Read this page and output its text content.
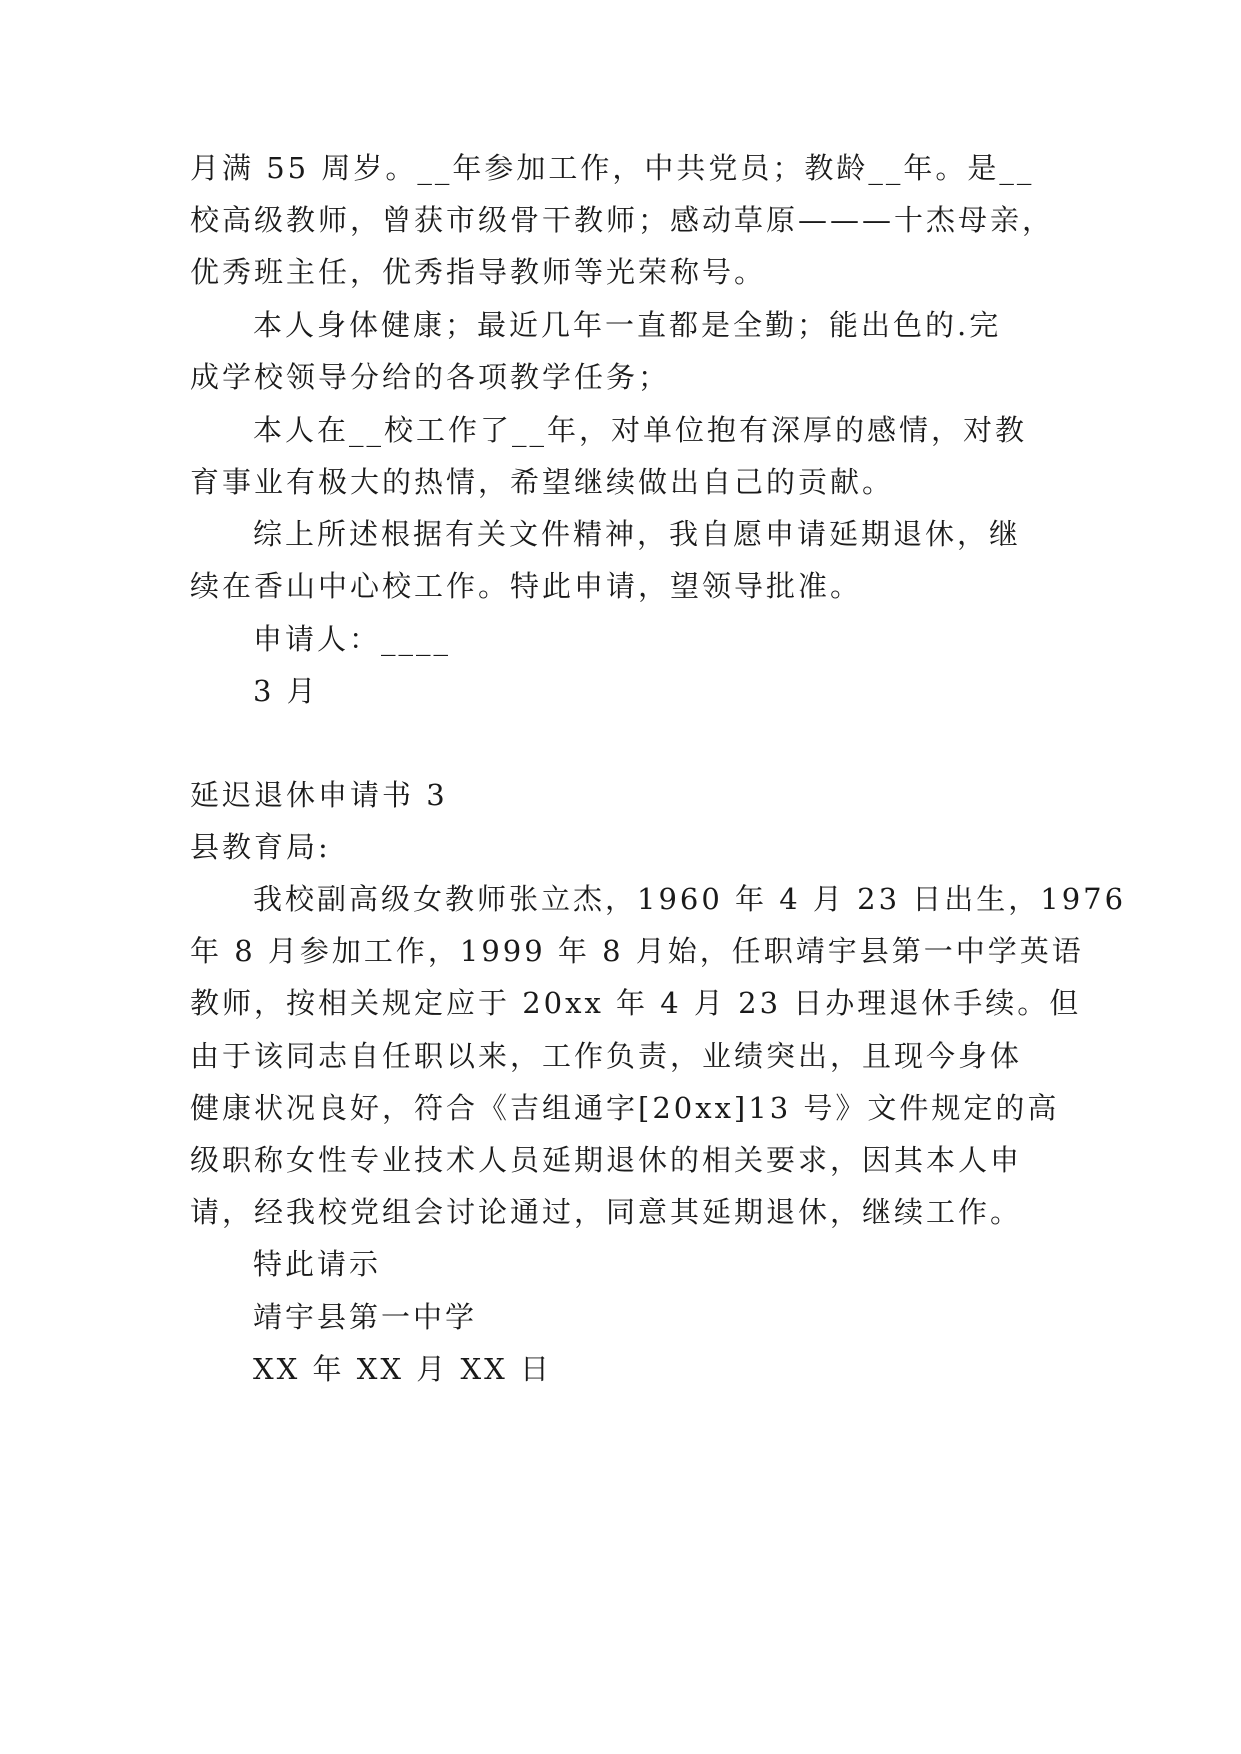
月满 55 周岁。__年参加工作，中共党员；教龄__年。是__
校高级教师，曾获市级骨干教师；感动草原———十杰母亲，
优秀班主任，优秀指导教师等光荣称号。
本人身体健康；最近几年一直都是全勤；能出色的.完
成学校领导分给的各项教学任务；
本人在__校工作了__年，对单位抱有深厚的感情，对教
育事业有极大的热情，希望继续做出自己的贡献。
综上所述根据有关文件精神，我自愿申请延期退休，继
续在香山中心校工作。特此申请，望领导批准。
申请人：____
3 月
延迟退休申请书 3
县教育局:
我校副高级女教师张立杰，1960 年 4 月 23 日出生，1976
年 8 月参加工作，1999 年 8 月始，任职靖宇县第一中学英语
教师，按相关规定应于 20xx 年 4 月 23 日办理退休手续。但
由于该同志自任职以来，工作负责，业绩突出，且现今身体
健康状况良好，符合《吉组通字[20xx]13 号》文件规定的高
级职称女性专业技术人员延期退休的相关要求，因其本人申
请，经我校党组会讨论通过，同意其延期退休，继续工作。
特此请示
靖宇县第一中学
XX 年 XX 月 XX 日
